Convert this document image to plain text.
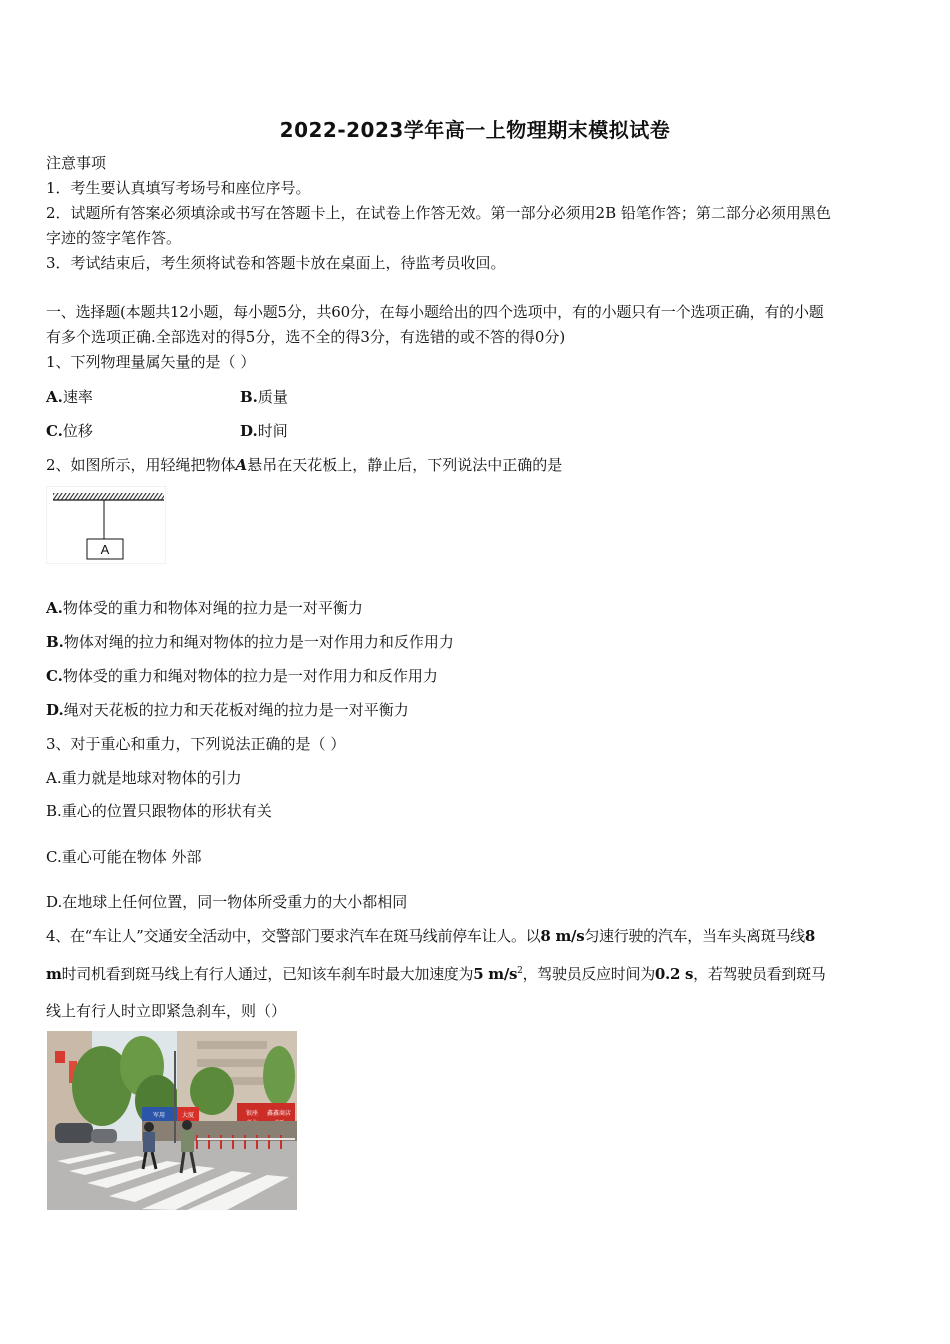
2022-2023学年高一上物理期末模拟试卷
注意事项
1．考生要认真填写考场号和座位序号。
2．试题所有答案必须填涂或书写在答题卡上，在试卷上作答无效。第一部分必须用2B 铅笔作答；第二部分必须用黑色
字迹的签字笔作答。
3．考试结束后，考生须将试卷和答题卡放在桌面上，待监考员收回。
一、选择题(本题共12小题，每小题5分，共60分，在每小题给出的四个选项中，有的小题只有一个选项正确，有的小题
有多个选项正确.全部选对的得5分，选不全的得3分，有选错的或不答的得0分)
1、下列物理量属矢量的是（ ）
A.速率	B.质量
C.位移	D.时间
2、如图所示，用轻绳把物体A悬吊在天花板上，静止后，下列说法中正确的是
A
A.物体受的重力和物体对绳的拉力是一对平衡力
B.物体对绳的拉力和绳对物体的拉力是一对作用力和反作用力
C.物体受的重力和绳对物体的拉力是一对作用力和反作用力
D.绳对天花板的拉力和天花板对绳的拉力是一对平衡力
3、对于重心和重力，下列说法正确的是（ ）
A.重力就是地球对物体的引力
B.重心的位置只跟物体的形状有关
C.重心可能在物体 外部
D.在地球上任何位置，同一物体所受重力的大小都相同
4、在“车让人”交通安全活动中，交警部门要求汽车在斑马线前停车让人。以8 m/s匀速行驶的汽车，当车头离斑马线8
m时司机看到斑马线上有行人通过，已知该车刹车时最大加速度为5 $m/s^2$，驾驶员反应时间为0.2 s，若驾驶员看到斑马
线上有行人时立即紧急刹车，则（）
军用	大厦	银座 鑫鑫商店
